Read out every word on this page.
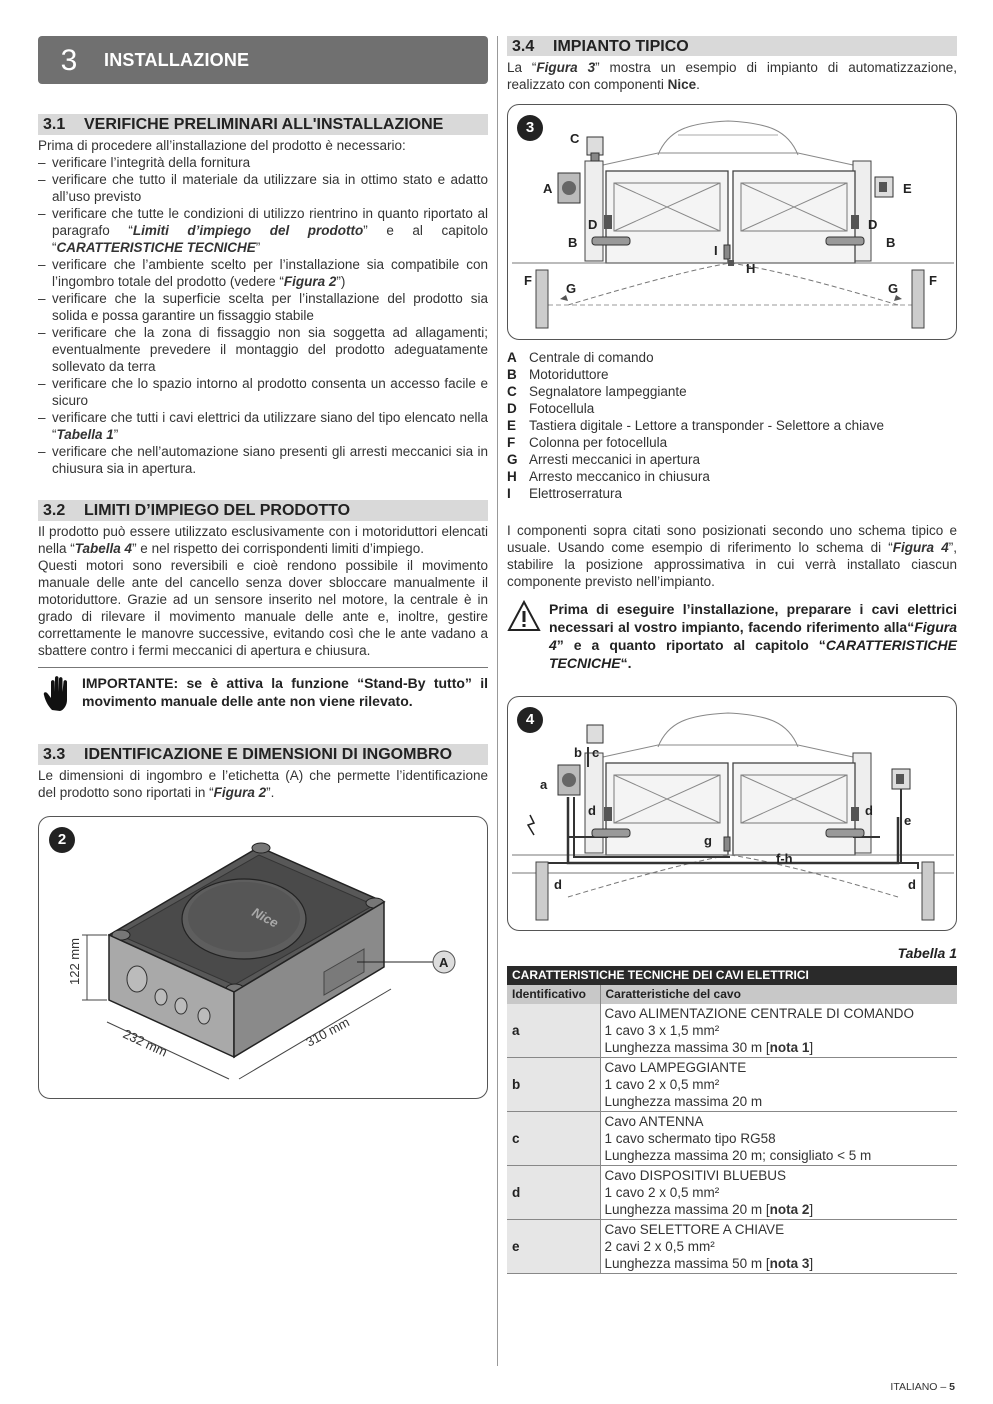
3	INSTALLAZIONE
3.1	VERIFICHE PRELIMINARI ALL'INSTALLAZIONE

Prima di procedere all’installazione del prodotto è necessario:

– verificare l’integrità della fornitura
– verificare che tutto il materiale da utilizzare sia in ottimo stato e adatto all’uso previsto
– verificare che tutte le condizioni di utilizzo rientrino in quanto riportato al paragrafo “Limiti d’impiego del prodotto” e al capitolo “CARATTERISTICHE TECNICHE”
– verificare che l’ambiente scelto per l’installazione sia compatibile con l’ingombro totale del prodotto (vedere “Figura 2”)
– verificare che la superficie scelta per l’installazione del prodotto sia solida e possa garantire un fissaggio stabile
– verificare che la zona di fissaggio non sia soggetta ad allagamenti; eventualmente prevedere il montaggio del prodotto adeguatamente sollevato da terra
– verificare che lo spazio intorno al prodotto consenta un accesso facile e sicuro
– verificare che tutti i cavi elettrici da utilizzare siano del tipo elencato nella “Tabella 1”
– verificare che nell’automazione siano presenti gli arresti meccanici sia in chiusura sia in apertura.
3.2	LIMITI D’IMPIEGO DEL PRODOTTO

Il prodotto può essere utilizzato esclusivamente con i motoriduttori elencati nella “Tabella 4” e nel rispetto dei corrispondenti limiti d’impiego.

Questi motori sono reversibili e cioè rendono possibile il movimento manuale delle ante del cancello senza dover sbloccare manualmente il motoriduttore. Grazie ad un sensore inserito nel motore, la centrale è in grado di rilevare il movimento manuale delle ante e, inoltre, gestire correttamente le manovre successive, evitando così che le ante vadano a sbattere contro i fermi meccanici di apertura e chiusura.

IMPORTANTE: se è attiva la funzione “Stand-By tutto” il movimento manuale delle ante non viene rilevato.
3.3	IDENTIFICAZIONE E DIMENSIONI DI INGOMBRO

Le dimensioni di ingombro e l’etichetta (A) che permette l’identificazione del prodotto sono riportati in “Figura 2”.

2
Nice
A
122 mm
232 mm	310 mm
3.4	IMPIANTO TIPICO

La “Figura 3” mostra un esempio di impianto di automatizzazione, realizzato con componenti Nice.

3
C
A
D
B
F
G
I
H
E
D
B
F
G
A Centrale di comando
B Motoriduttore
C Segnalatore lampeggiante
D Fotocellula
E Tastiera digitale - Lettore a transponder - Selettore a chiave
F	Colonna per fotocellula
G Arresti meccanici in apertura
H Arresto meccanico in chiusura
I	Elettroserratura

I componenti sopra citati sono posizionati secondo uno schema tipico e usuale. Usando come esempio di riferimento lo schema di “Figura 4”, stabilire la posizione approssimativa in cui verrà installato ciascun componente previsto nell’impianto.

Prima di eseguire l’installazione, preparare i cavi elettrici necessari al vostro impianto, facendo riferimento alla“Figura 4” e a quanto riportato al capitolo “CARATTERISTICHE TECNICHE“.
4
b c
a
d
g
f-h
d
e
d	d
Tabella 1
CARATTERISTICHE TECNICHE DEI CAVI ELETTRICI	
Identificativo	Caratteristiche del cavo
a	Cavo ALIMENTAZIONE CENTRALE DI COMANDO
1 cavo 3 x 1,5 mm²
Lunghezza massima 30 m [nota 1]

b	Cavo LAMPEGGIANTE
1 cavo 2 x 0,5 mm²
Lunghezza massima 20 m

c	Cavo ANTENNA
1 cavo schermato tipo RG58
Lunghezza massima 20 m; consigliato < 5 m

d	Cavo DISPOSITIVI BLUEBUS
1 cavo 2 x 0,5 mm²
Lunghezza massima 20 m [nota 2]

e	Cavo SELETTORE A CHIAVE
2 cavi 2 x 0,5 mm²
Lunghezza massima 50 m [nota 3]
ITALIANO – 5
